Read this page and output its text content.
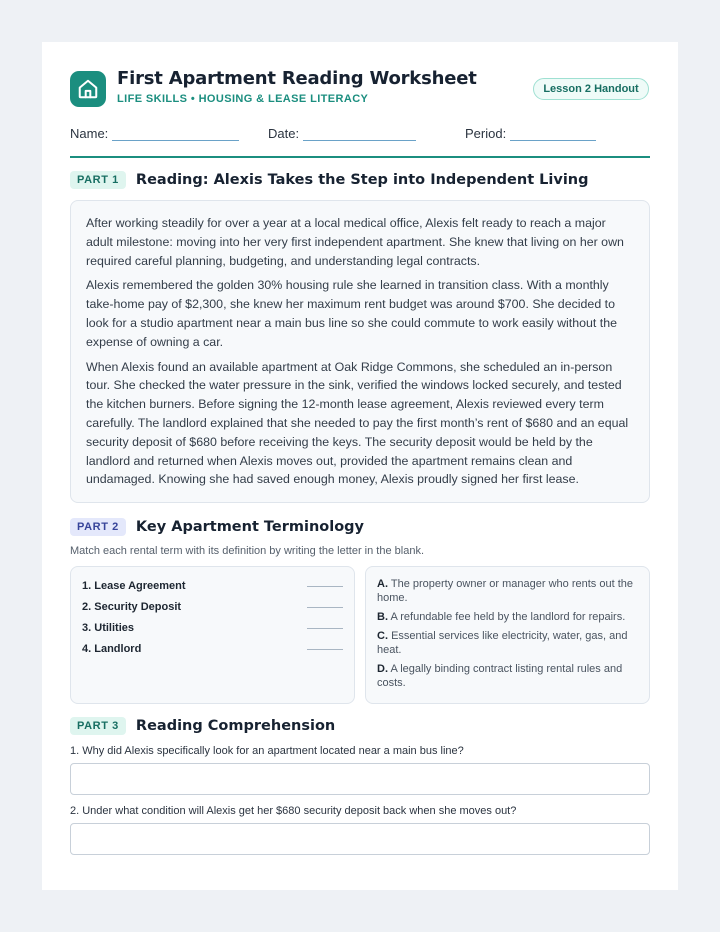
First Apartment Reading Worksheet
LIFE SKILLS • HOUSING & LEASE LITERACY
Lesson 2 Handout
Name:	Date:	Period:
PART 1	Reading: Alexis Takes the Step into Independent Living

After working steadily for over a year at a local medical office, Alexis felt ready to reach a major adult milestone: moving into her very first independent apartment. She knew that living on her own required careful planning, budgeting, and understanding legal contracts.

Alexis remembered the golden 30% housing rule she learned in transition class. With a monthly take-home pay of $2,300, she knew her maximum rent budget was around $700. She decided to look for a studio apartment near a main bus line so she could commute to work easily without the expense of owning a car.

When Alexis found an available apartment at Oak Ridge Commons, she scheduled an in-person tour. She checked the water pressure in the sink, verified the windows locked securely, and tested the kitchen burners. Before signing the 12-month lease agreement, Alexis reviewed every term carefully. The landlord explained that she needed to pay the first month’s rent of $680 and an equal security deposit of $680 before receiving the keys. The security deposit would be held by the landlord and returned when Alexis moves out, provided the apartment remains clean and undamaged. Knowing she had saved enough money, Alexis proudly signed her first lease.

PART 2	Key Apartment Terminology
Match each rental term with its definition by writing the letter in the blank.
1. Lease Agreement
2. Security Deposit
3. Utilities
4. Landlord
A. The property owner or manager who rents out the home.
B. A refundable fee held by the landlord for repairs.
C. Essential services like electricity, water, gas, and heat.
D. A legally binding contract listing rental rules and costs.
PART 3	Reading Comprehension
1. Why did Alexis specifically look for an apartment located near a main bus line?
2. Under what condition will Alexis get her $680 security deposit back when she moves out?
